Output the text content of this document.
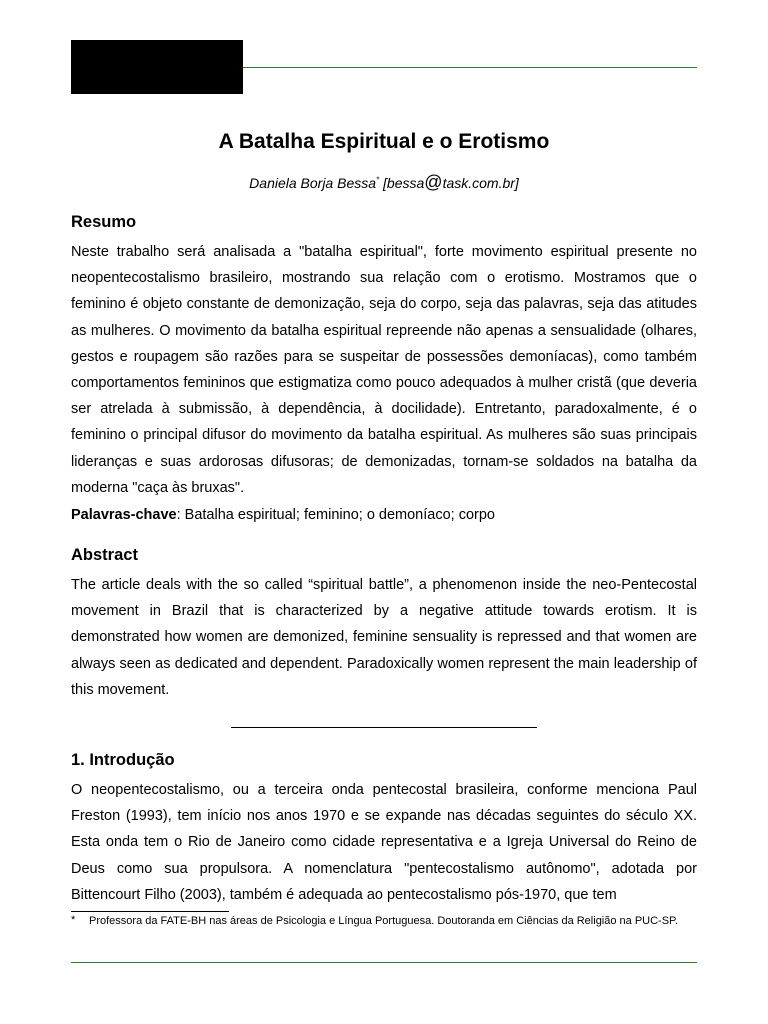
A Batalha Espiritual e o Erotismo
Daniela Borja Bessa* [bessa@task.com.br]
Resumo

Neste trabalho será analisada a "batalha espiritual", forte movimento espiritual presente no neopentecostalismo brasileiro, mostrando sua relação com o erotismo. Mostramos que o feminino é objeto constante de demonização, seja do corpo, seja das palavras, seja das atitudes as mulheres. O movimento da batalha espiritual repreende não apenas a sensualidade (olhares, gestos e roupagem são razões para se suspeitar de possessões demoníacas), como também comportamentos femininos que estigmatiza como pouco adequados à mulher cristã (que deveria ser atrelada à submissão, à dependência, à docilidade). Entretanto, paradoxalmente, é o feminino o principal difusor do movimento da batalha espiritual. As mulheres são suas principais lideranças e suas ardorosas difusoras; de demonizadas, tornam-se soldados na batalha da moderna "caça às bruxas".

Palavras-chave: Batalha espiritual; feminino; o demoníaco; corpo
Abstract

The article deals with the so called “spiritual battle”, a phenomenon inside the neo-Pentecostal movement in Brazil that is characterized by a negative attitude towards erotism. It is demonstrated how women are demonized, feminine sensuality is repressed and that women are always seen as dedicated and dependent. Paradoxically women represent the main leadership of this movement.

1. Introdução

O neopentecostalismo, ou a terceira onda pentecostal brasileira, conforme menciona Paul Freston (1993), tem início nos anos 1970 e se expande nas décadas seguintes do século XX. Esta onda tem o Rio de Janeiro como cidade representativa e a Igreja Universal do Reino de Deus como sua propulsora. A nomenclatura "pentecostalismo autônomo", adotada por Bittencourt Filho (2003), também é adequada ao pentecostalismo pós-1970, que tem

* Professora da FATE-BH nas áreas de Psicologia e Língua Portuguesa. Doutoranda em Ciências da Religião na PUC-SP.
